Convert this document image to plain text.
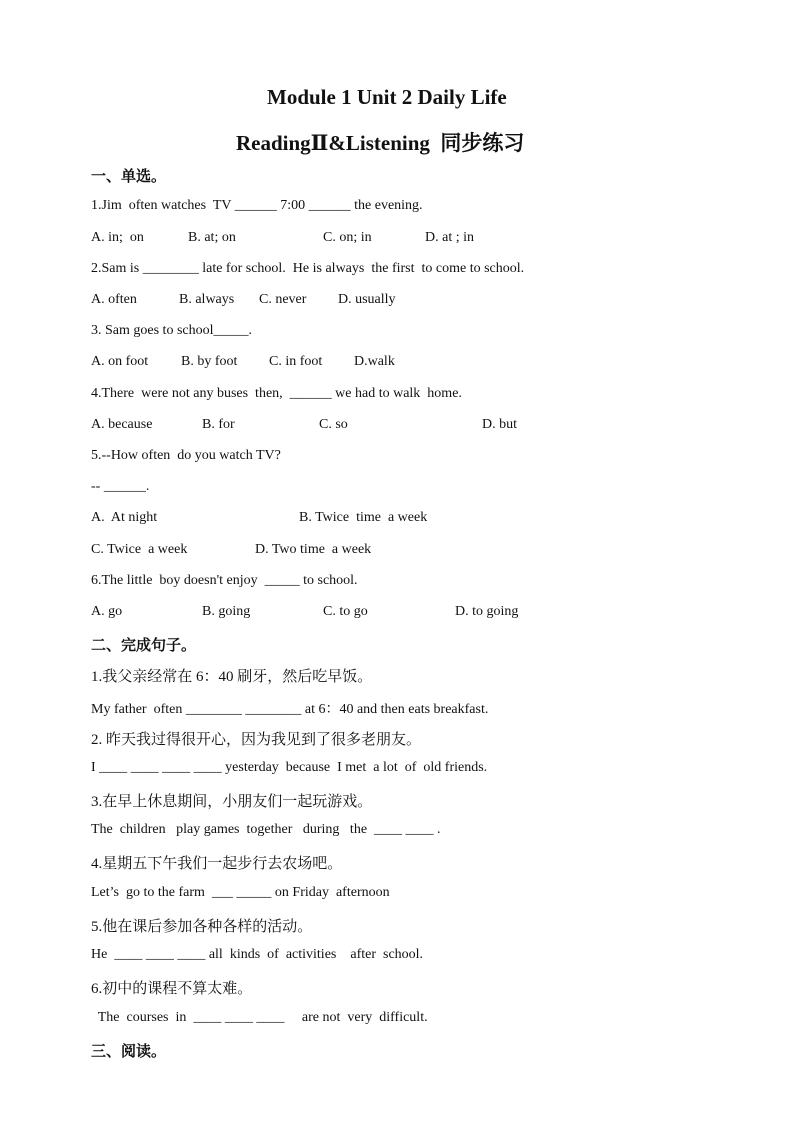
Module 1 Unit 2 Daily Life
ReadingⅡ&Listening  同步练习
一、单选。
1.Jim  often watches  TV ______ 7:00 ______ the evening.
A. in;  on	B. at; on	C. on; in	D. at ; in
2.Sam is ________ late for school.  He is always  the first  to come to school.
A. often	B. always C. never D. usually
3. Sam goes to school_____.
A. on foot B. by foot C. in foot D.walk
4.There  were not any buses  then,  ______ we had to walk  home.
A. because	B. for	C. so	D. but
5.--How often  do you watch TV?
-- ______.
A.  At night	B. Twice  time  a week
C. Twice  a week	D. Two time  a week
6.The little  boy doesn't enjoy  _____ to school.
A. go	B. going	C. to go	D. to going
二、完成句子。
1.我父亲经常在 6：40 刷牙，然后吃早饭。
My father  often ________ ________ at 6：40 and then eats breakfast.
2. 昨天我过得很开心，因为我见到了很多老朋友。
I ____ ____ ____ ____ yesterday  because  I met  a lot  of  old friends.
3.在早上休息期间，小朋友们一起玩游戏。
The  children   play games  together   during   the  ____ ____ .
4.星期五下午我们一起步行去农场吧。
Let’s  go to the farm  ___ _____ on Friday  afternoon
5.他在课后参加各种各样的活动。
He  ____ ____ ____ all  kinds  of  activities    after  school.
6.初中的课程不算太难。
The  courses  in  ____ ____ ____     are not  very  difficult.
三、阅读。
